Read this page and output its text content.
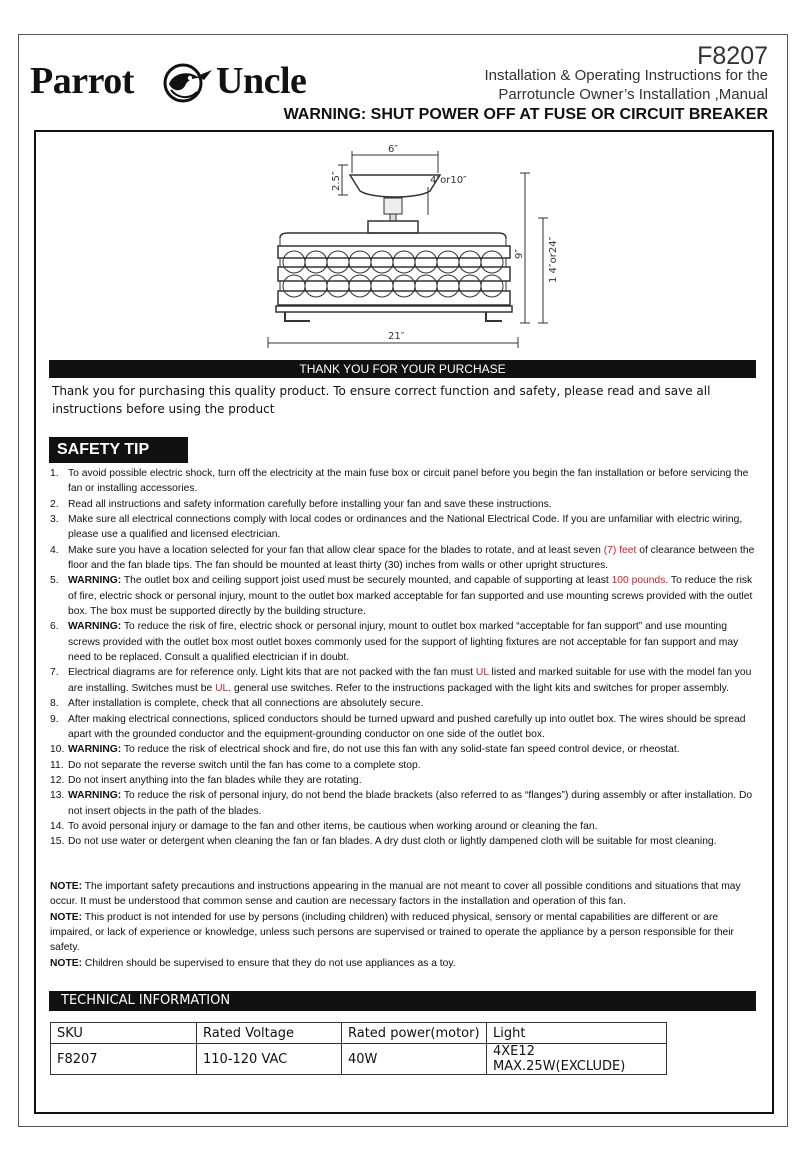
Parrot Uncle
F8207
Installation & Operating Instructions for the
Parrotuncle Owner’s Installation ,Manual
WARNING: SHUT POWER OFF AT FUSE OR CIRCUIT BREAKER
6″
2.5″	4″or10″
9″ 1 4″or24″
21″
THANK YOU FOR YOUR PURCHASE
Thank you for purchasing this quality product. To ensure correct function and safety, please read and save all instructions before using the product
SAFETY TIP
1. To avoid possible electric shock, turn off the electricity at the main fuse box or circuit panel before you begin the fan installation or before servicing the fan or installing accessories.
2. Read all instructions and safety information carefully before installing your fan and save these instructions.
3. Make sure all electrical connections comply with local codes or ordinances and the National Electrical Code. If you are unfamiliar with electric wiring, please use a qualified and licensed electrician.
4. Make sure you have a location selected for your fan that allow clear space for the blades to rotate, and at least seven (7) feet of clearance between the floor and the fan blade tips. The fan should be mounted at least thirty (30) inches from walls or other upright structures.
5. WARNING: The outlet box and ceiling support joist used must be securely mounted, and capable of supporting at least 100 pounds. To reduce the risk of fire, electric shock or personal injury, mount to the outlet box marked acceptable for fan supported and use mounting screws provided with the outlet box. The box must be supported directly by the building structure.
6. WARNING: To reduce the risk of fire, electric shock or personal injury, mount to outlet box marked “acceptable for fan support” and use mounting screws provided with the outlet box most outlet boxes commonly used for the support of lighting fixtures are not acceptable for fan support and may need to be replaced. Consult a qualified electrician if in doubt.
7. Electrical diagrams are for reference only. Light kits that are not packed with the fan must UL listed and marked suitable for use with the model fan you are installing. Switches must be UL. general use switches. Refer to the instructions packaged with the light kits and switches for proper assembly.
8. After installation is complete, check that all connections are absolutely secure.
9. After making electrical connections, spliced conductors should be turned upward and pushed carefully up into outlet box. The wires should be spread apart with the grounded conductor and the equipment-grounding conductor on one side of the outlet box.
10. WARNING: To reduce the risk of electrical shock and fire, do not use this fan with any solid-state fan speed control device, or rheostat.
11. Do not separate the reverse switch until the fan has come to a complete stop.
12. Do not insert anything into the fan blades while they are rotating.
13. WARNING: To reduce the risk of personal injury, do not bend the blade brackets (also referred to as “flanges”) during assembly or after installation. Do not insert objects in the path of the blades.
14. To avoid personal injury or damage to the fan and other items, be cautious when working around or cleaning the fan.
15. Do not use water or detergent when cleaning the fan or fan blades. A dry dust cloth or lightly dampened cloth will be suitable for most cleaning.

NOTE: The important safety precautions and instructions appearing in the manual are not meant to cover all possible conditions and situations that may occur. It must be understood that common sense and caution are necessary factors in the installation and operation of this fan.

NOTE: This product is not intended for use by persons (including children) with reduced physical, sensory or mental capabilities are different or are impaired, or lack of experience or knowledge, unless such persons are supervised or trained to operate the appliance by a person responsible for their safety.

NOTE: Children should be supervised to ensure that they do not use appliances as a toy.

TECHNICAL INFORMATION
SKU	Rated Voltage	Rated power(motor)	Light
F8207	110-120 VAC	40W	4XE12 MAX.25W(EXCLUDE)
